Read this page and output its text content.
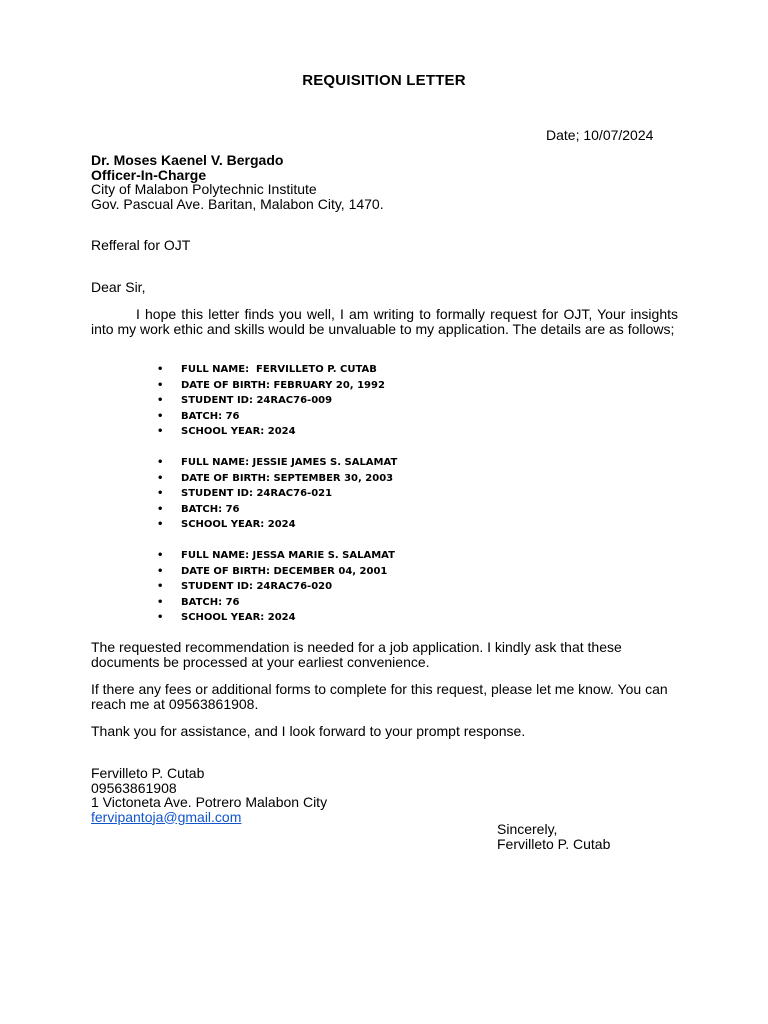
REQUISITION LETTER
Date; 10/07/2024
Dr. Moses Kaenel V. Bergado
Officer-In-Charge
City of Malabon Polytechnic Institute
Gov. Pascual Ave. Baritan, Malabon City, 1470.
Refferal for OJT
Dear Sir,

I hope this letter finds you well, I am writing to formally request for OJT, Your insights into my work ethic and skills would be unvaluable to my application. The details are as follows;

• FULL NAME:  FERVILLETO P. CUTAB
• DATE OF BIRTH: FEBRUARY 20, 1992
• STUDENT ID: 24RAC76-009
• BATCH: 76
• SCHOOL YEAR: 2024
• FULL NAME: JESSIE JAMES S. SALAMAT
• DATE OF BIRTH: SEPTEMBER 30, 2003
• STUDENT ID: 24RAC76-021
• BATCH: 76
• SCHOOL YEAR: 2024
• FULL NAME: JESSA MARIE S. SALAMAT
• DATE OF BIRTH: DECEMBER 04, 2001
• STUDENT ID: 24RAC76-020
• BATCH: 76
• SCHOOL YEAR: 2024

The requested recommendation is needed for a job application. I kindly ask that these documents be processed at your earliest convenience.

If there any fees or additional forms to complete for this request, please let me know. You can reach me at 09563861908.

Thank you for assistance, and I look forward to your prompt response.

Fervilleto P. Cutab
09563861908
1 Victoneta Ave. Potrero Malabon City
fervipantoja@gmail.com
Sincerely,
Fervilleto P. Cutab
